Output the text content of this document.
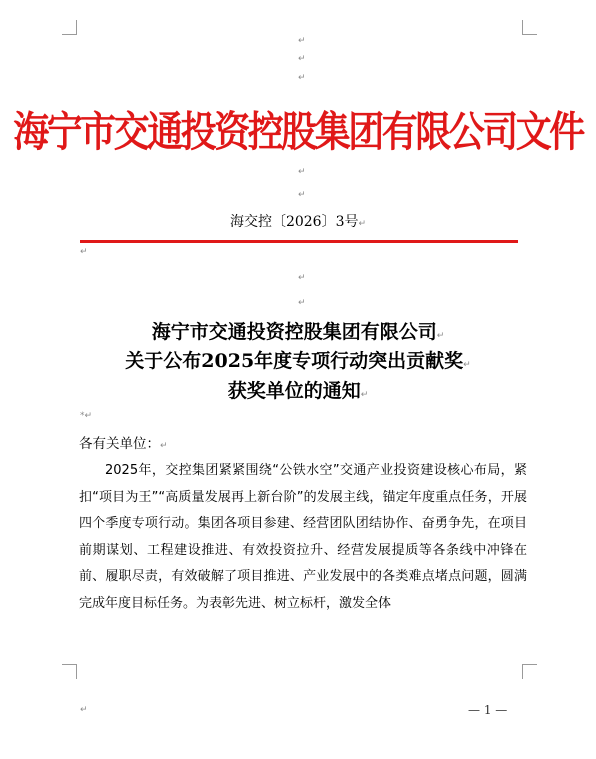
↵
↵
↵
海宁市交通投资控股集团有限公司文件
↵
↵
海交控〔2026〕3号↵
↵
↵
↵
海宁市交通投资控股集团有限公司↵
关于公布2025年度专项行动突出贡献奖↵
获奖单位的通知↵
*↵
各有关单位：↵
2025年，交控集团紧紧围绕“公铁水空”交通产业投资建设核心布局，紧扣“项目为王”“高质量发展再上新台阶”的发展主线，锚定年度重点任务，开展四个季度专项行动。集团各项目参建、经营团队团结协作、奋勇争先，在项目前期谋划、工程建设推进、有效投资拉升、经营发展提质等各条线中冲锋在前、履职尽责，有效破解了项目推进、产业发展中的各类难点堵点问题，圆满完成年度目标任务。为表彰先进、树立标杆，激发全体
↵	— 1 —
